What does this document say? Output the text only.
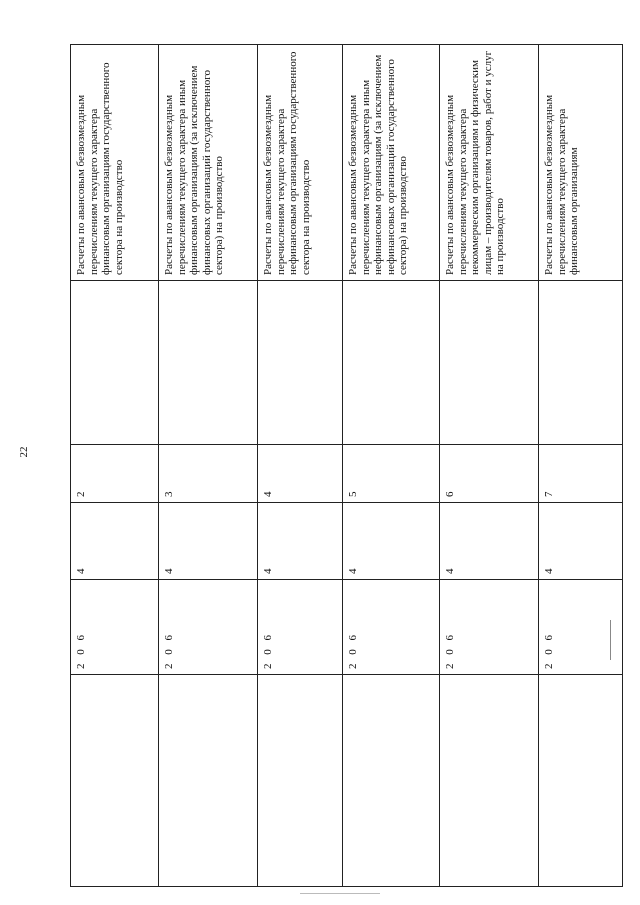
22
	2 0 6	4	2		Расчеты по авансовым безвозмездным перечислениям текущего характера финансовым организациям государственного сектора на производство
	2 0 6	4	3		Расчеты по авансовым безвозмездным перечислениям текущего характера иным финансовым организациям (за исключением финансовых организаций государственного сектора) на производство
	2 0 6	4	4		Расчеты по авансовым безвозмездным перечислениям текущего характера нефинансовым организациям государственного сектора на производство
	2 0 6	4	5		Расчеты по авансовым безвозмездным перечислениям текущего характера иным нефинансовым организациям (за исключением нефинансовых организаций государственного сектора) на производство
	2 0 6	4	6		Расчеты по авансовым безвозмездным перечислениям текущего характера некоммерческим организациям и физическим лицам – производителям товаров, работ и услуг на производство
	2 0 6	4	7		Расчеты по авансовым безвозмездным перечислениям текущего характера финансовым организациям
